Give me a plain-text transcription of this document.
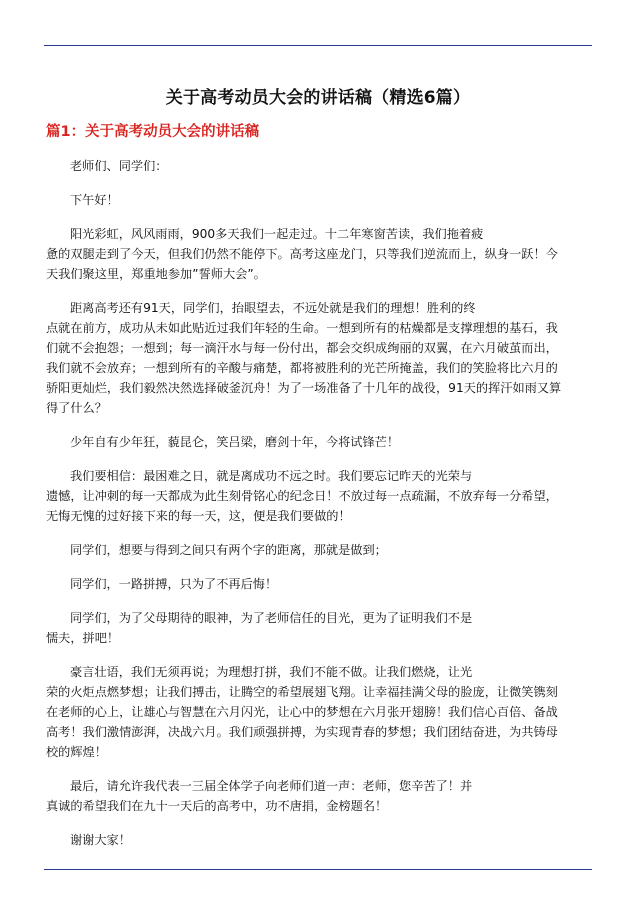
关于高考动员大会的讲话稿（精选6篇）
篇1：关于高考动员大会的讲话稿

老师们、同学们：

下午好！

阳光彩虹，风风雨雨，900多天我们一起走过。十二年寒窗苦读，我们拖着疲
惫的双腿走到了今天，但我们仍然不能停下。高考这座龙门，只等我们逆流而上，纵身一跃！今
天我们聚这里，郑重地参加”誓师大会”。

距离高考还有91天，同学们，抬眼望去，不远处就是我们的理想！胜利的终
点就在前方，成功从未如此贴近过我们年轻的生命。一想到所有的枯燥都是支撑理想的基石，我
们就不会抱怨；一想到；每一滴汗水与每一份付出，都会交织成绚丽的双翼，在六月破茧而出，
我们就不会放弃；一想到所有的辛酸与痛楚，都将被胜利的光芒所掩盖，我们的笑脸将比六月的
骄阳更灿烂，我们毅然决然选择破釜沉舟！为了一场准备了十几年的战役，91天的挥汗如雨又算
得了什么？

少年自有少年狂，藐昆仑，笑吕梁，磨剑十年，今将试锋芒！

我们要相信：最困难之日，就是离成功不远之时。我们要忘记昨天的光荣与
遗憾，让冲刺的每一天都成为此生刻骨铭心的纪念日！不放过每一点疏漏，不放弃每一分希望，
无悔无愧的过好接下来的每一天，这，便是我们要做的！

同学们，想要与得到之间只有两个字的距离，那就是做到；

同学们，一路拼搏，只为了不再后悔！

同学们，为了父母期待的眼神，为了老师信任的目光，更为了证明我们不是
懦夫，拼吧！

豪言壮语，我们无须再说；为理想打拼，我们不能不做。让我们燃烧，让光
荣的火炬点燃梦想；让我们搏击，让腾空的希望展翅飞翔。让幸福挂满父母的脸庞，让微笑镌刻
在老师的心上，让雄心与智慧在六月闪光，让心中的梦想在六月张开翅膀！我们信心百倍、备战
高考！我们激情澎湃，决战六月。我们顽强拼搏，为实现青春的梦想；我们团结奋进，为共铸母
校的辉煌！

最后，请允许我代表一三届全体学子向老师们道一声：老师，您辛苦了！并
真诚的希望我们在九十一天后的高考中，功不唐捐，金榜题名！

谢谢大家！
